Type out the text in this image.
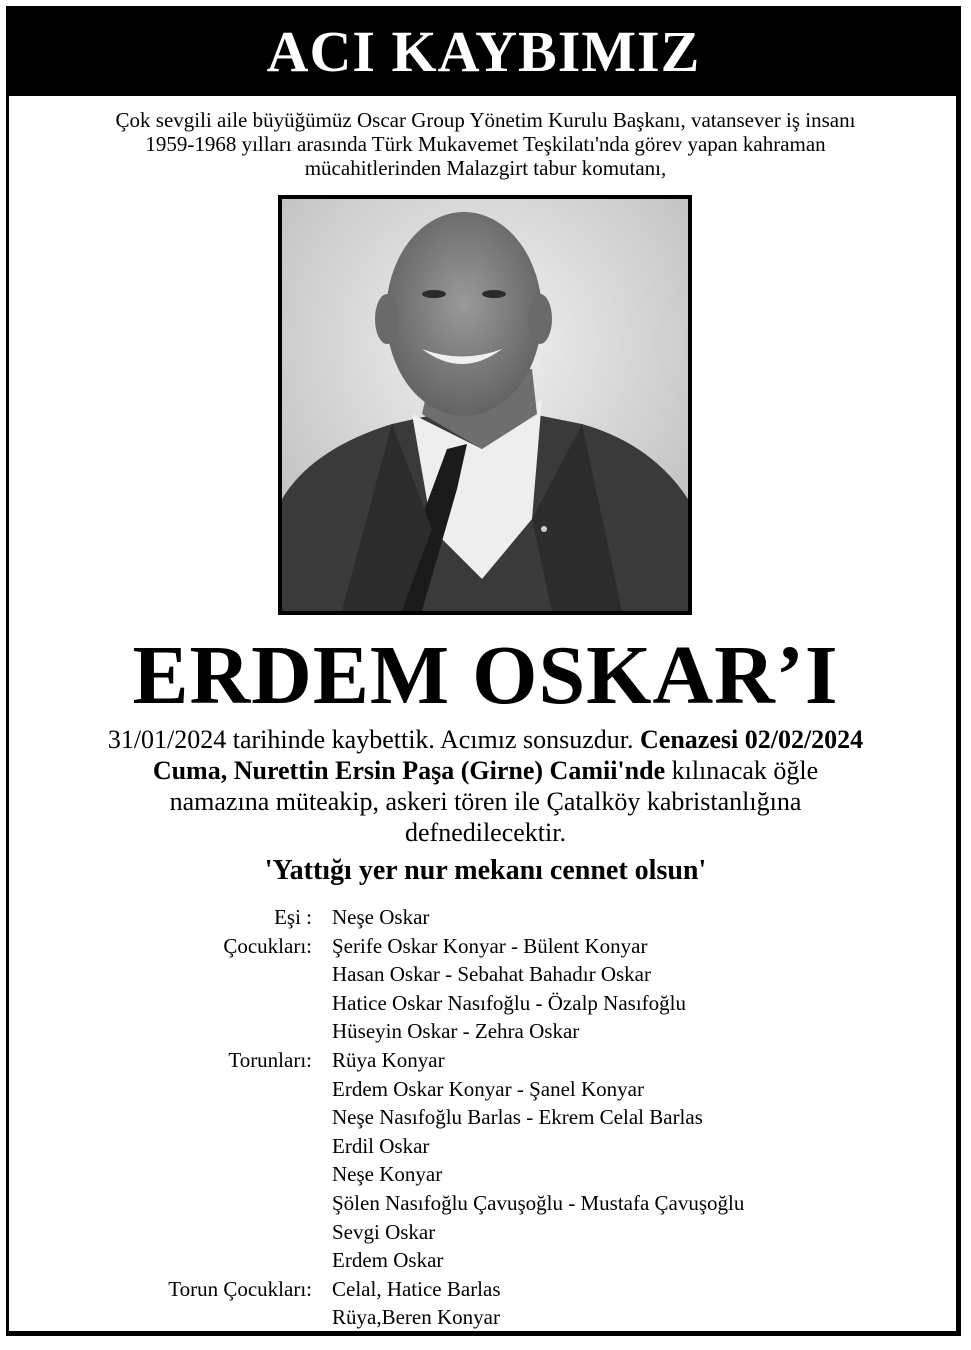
ACI KAYBIMIZ
Çok sevgili aile büyüğümüz Oscar Group Yönetim Kurulu Başkanı, vatansever iş insanı
1959-1968 yılları arasında Türk Mukavemet Teşkilatı'nda görev yapan kahraman
mücahitlerinden Malazgirt tabur komutanı,
ERDEM OSKAR’I
31/01/2024 tarihinde kaybettik. Acımız sonsuzdur. Cenazesi 02/02/2024
Cuma, Nurettin Ersin Paşa (Girne) Camii'nde kılınacak öğle
namazına müteakip, askeri tören ile Çatalköy kabristanlığına
defnedilecektir.
'Yattığı yer nur mekanı cennet olsun'
Eşi : Neşe Oskar
Çocukları: Şerife Oskar Konyar - Bülent Konyar
Hasan Oskar - Sebahat Bahadır Oskar
Hatice Oskar Nasıfoğlu - Özalp Nasıfoğlu
Hüseyin Oskar - Zehra Oskar
Torunları: Rüya Konyar
Erdem Oskar Konyar - Şanel Konyar
Neşe Nasıfoğlu Barlas - Ekrem Celal Barlas
Erdil Oskar
Neşe Konyar
Şölen Nasıfoğlu Çavuşoğlu - Mustafa Çavuşoğlu
Sevgi Oskar
Erdem Oskar
Torun Çocukları: Celal, Hatice Barlas
Rüya,Beren Konyar
